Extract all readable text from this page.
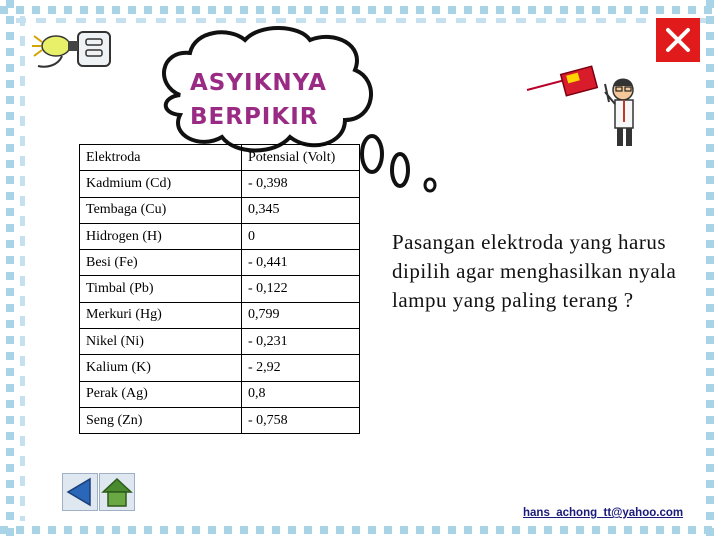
ASYIKNYA
BERPIKIR
Elektroda	Potensial (Volt)
Kadmium (Cd)	- 0,398
Tembaga (Cu)	0,345
Hidrogen (H)	0
Besi (Fe)	- 0,441
Timbal (Pb)	- 0,122
Merkuri (Hg)	0,799
Nikel (Ni)	- 0,231
Kalium (K)	- 2,92
Perak (Ag)	0,8
Seng (Zn)	- 0,758
Pasangan elektroda yang harus dipilih agar menghasilkan nyala lampu yang paling terang ?
hans_achong_tt@yahoo.com
